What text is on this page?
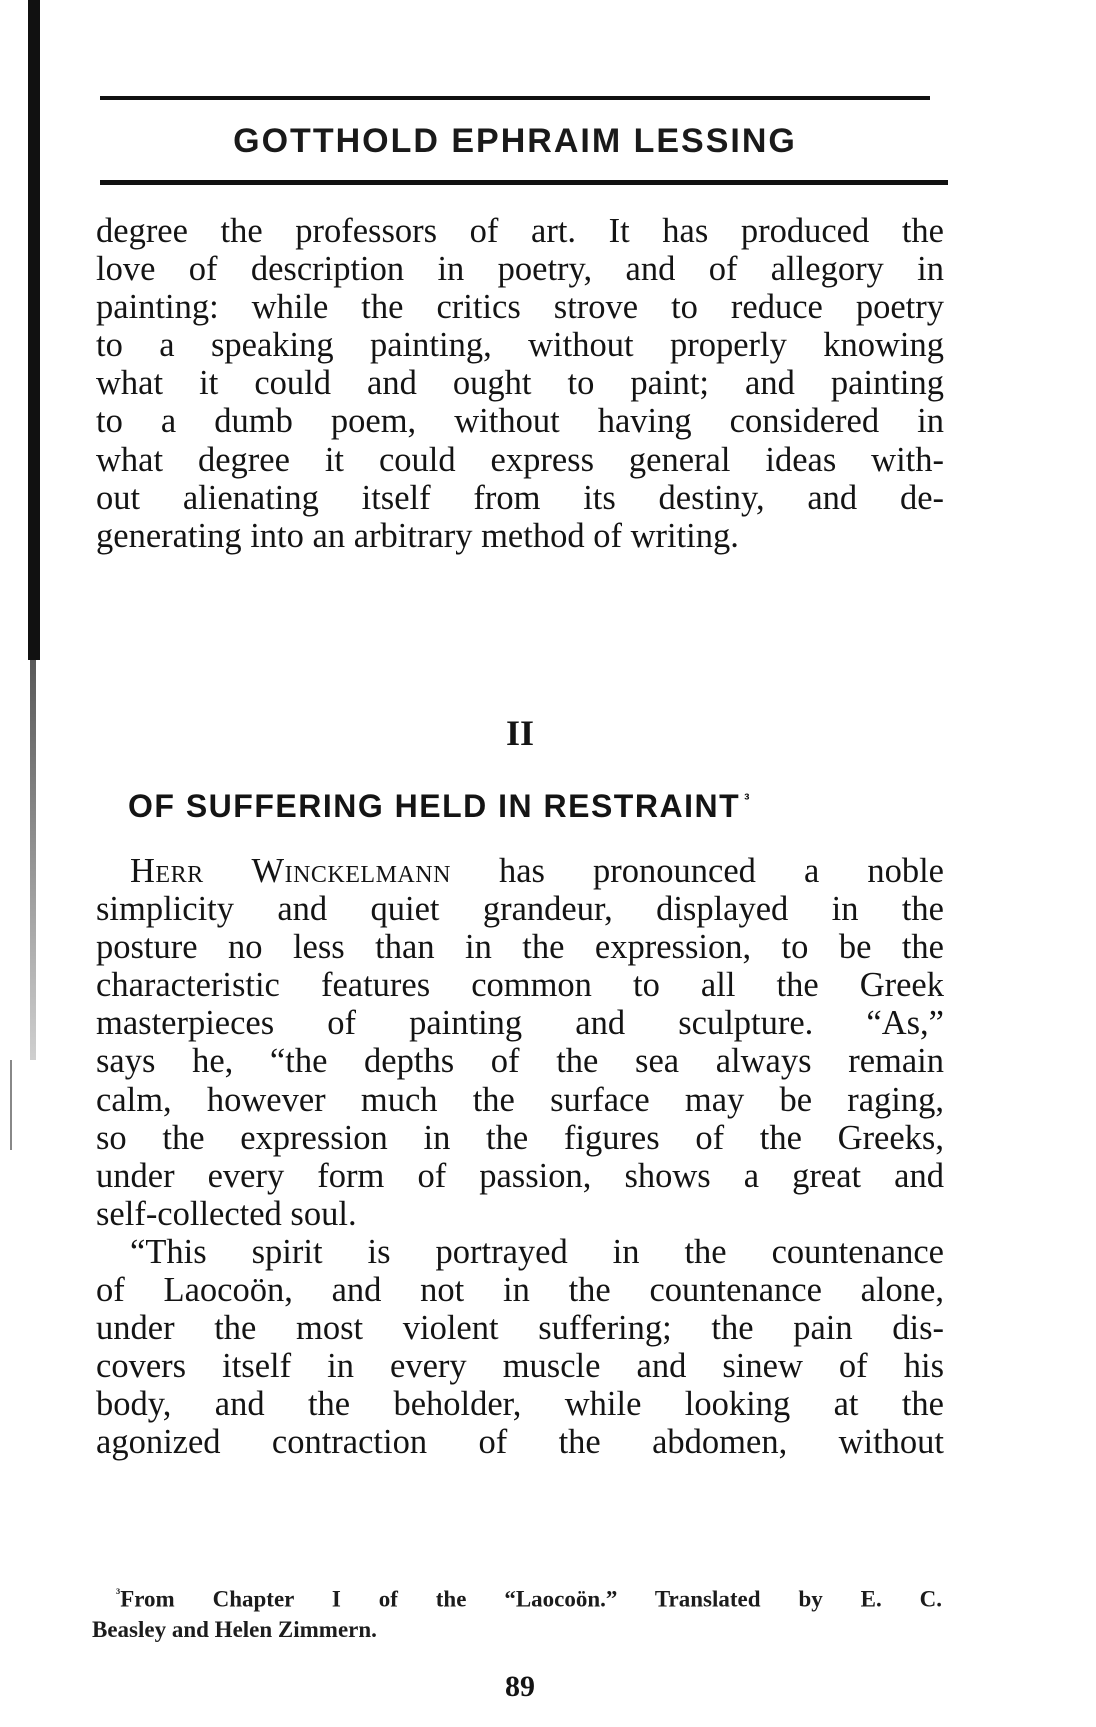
GOTTHOLD EPHRAIM LESSING
degree the professors of art. It has produced the
love of description in poetry, and of allegory in
painting: while the critics strove to reduce poetry
to a speaking painting, without properly knowing
what it could and ought to paint; and painting
to a dumb poem, without having considered in
what degree it could express general ideas with-
out alienating itself from its destiny, and de-
generating into an arbitrary method of writing.
II
OF SUFFERING HELD IN RESTRAINT $^{^3}$
Herr Winckelmann has pronounced a noble
simplicity and quiet grandeur, displayed in the
posture no less than in the expression, to be the
characteristic features common to all the Greek
masterpieces of painting and sculpture. “As,”
says he, “the depths of the sea always remain
calm, however much the surface may be raging,
so the expression in the figures of the Greeks,
under every form of passion, shows a great and
self-collected soul.
“This spirit is portrayed in the countenance
of Laocoön, and not in the countenance alone,
under the most violent suffering; the pain dis-
covers itself in every muscle and sinew of his
body, and the beholder, while looking at the
agonized contraction of the abdomen, without
$^{^3}$From Chapter I of the “Laocoön.” Translated by E. C.
Beasley and Helen Zimmern.
89
